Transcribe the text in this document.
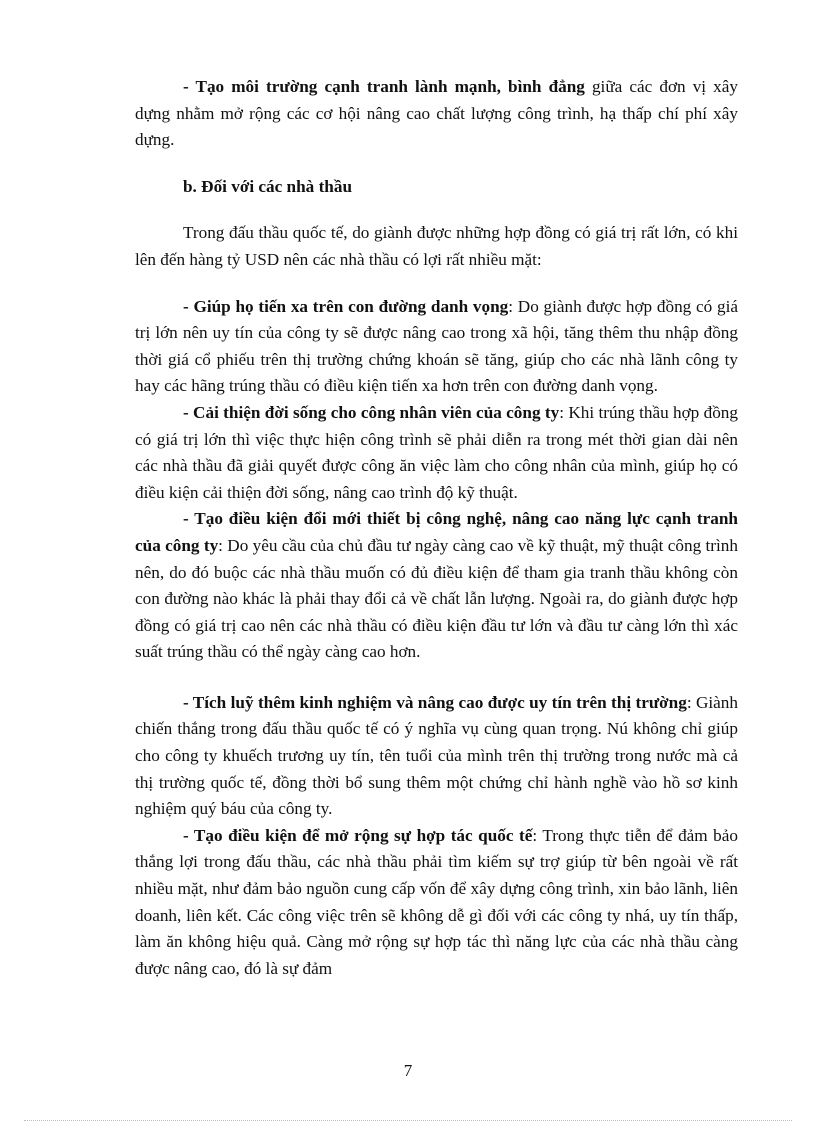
- Tạo môi trường cạnh tranh lành mạnh, bình đẳng giữa các đơn vị xây dựng nhằm mở rộng các cơ hội nâng cao chất lượng công trình, hạ thấp chí phí xây dựng.

b. Đối với các nhà thầu

Trong đấu thầu quốc tế, do giành được những hợp đồng có giá trị rất lớn, có khi lên đến hàng tỷ USD nên các nhà thầu có lợi rất nhiều mặt:

- Giúp họ tiến xa trên con đường danh vọng: Do giành được hợp đồng có giá trị lớn nên uy tín của công ty sẽ được nâng cao trong xã hội, tăng thêm thu nhập đồng thời giá cổ phiếu trên thị trường chứng khoán sẽ tăng, giúp cho các nhà lãnh công ty hay các hãng trúng thầu có điều kiện tiến xa hơn trên con đường danh vọng.

- Cải thiện đời sống cho công nhân viên của công ty: Khi trúng thầu hợp đồng có giá trị lớn thì việc thực hiện công trình sẽ phải diễn ra trong mét thời gian dài nên các nhà thầu đã giải quyết được công ăn việc làm cho công nhân của mình, giúp họ có điều kiện cải thiện đời sống, nâng cao trình độ kỹ thuật.

- Tạo điều kiện đổi mới thiết bị công nghệ, nâng cao năng lực cạnh tranh của công ty: Do yêu cầu của chủ đầu tư ngày càng cao về kỹ thuật, mỹ thuật công trình nên, do đó buộc các nhà thầu muốn có đủ điều kiện để tham gia tranh thầu không còn con đường nào khác là phải thay đổi cả về chất lẫn lượng. Ngoài ra, do giành được hợp đồng có giá trị cao nên các nhà thầu có điều kiện đầu tư lớn và đầu tư càng lớn thì xác suất trúng thầu có thể ngày càng cao hơn.

- Tích luỹ thêm kinh nghiệm và nâng cao được uy tín trên thị trường: Giành chiến thắng trong đấu thầu quốc tế có ý nghĩa vụ cùng quan trọng. Nú không chỉ giúp cho công ty khuếch trương uy tín, tên tuổi của mình trên thị trường trong nước mà cả thị trường quốc tế, đồng thời bổ sung thêm một chứng chỉ hành nghề vào hồ sơ kinh nghiệm quý báu của công ty.

- Tạo điều kiện để mở rộng sự hợp tác quốc tế: Trong thực tiễn để đảm bảo thắng lợi trong đấu thầu, các nhà thầu phải tìm kiếm sự trợ giúp từ bên ngoài về rất nhiều mặt, như đảm bảo nguồn cung cấp vốn để xây dựng công trình, xin bảo lãnh, liên doanh, liên kết. Các công việc trên sẽ không dễ gì đối với các công ty nhá, uy tín thấp, làm ăn không hiệu quả. Càng mở rộng sự hợp tác thì năng lực của các nhà thầu càng được nâng cao, đó là sự đảm

7
